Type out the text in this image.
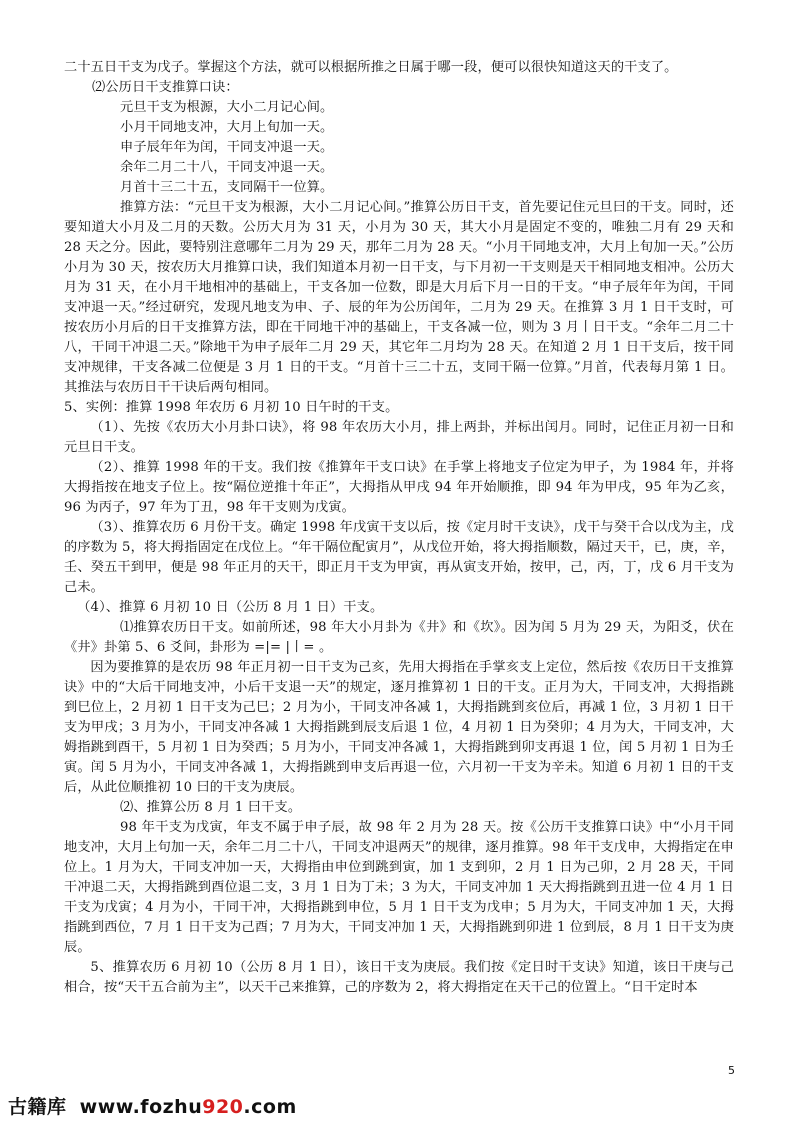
二十五日干支为戊子。掌握这个方法，就可以根据所推之日属于哪一段，便可以很快知道这天的干支了。

⑵公历日干支推算口诀：

元旦干支为根源，大小二月记心间。

小月干同地支冲，大月上旬加一天。

申子辰年年为闰，干同支冲退一天。

余年二月二十八，干同支冲退一天。

月首十三二十五，支同隔干一位算。

推算方法：“元旦干支为根源，大小二月记心间。”推算公历日干支，首先要记住元旦曰的干支。同时，还要知道大小月及二月的天数。公历大月为 31 天，小月为 30 天，其大小月是固定不变的，唯独二月有 29 天和 28 天之分。因此，要特别注意哪年二月为 29 天，那年二月为 28 天。“小月干同地支冲，大月上旬加一天。”公历小月为 30 天，按农历大月推算口诀，我们知道本月初一日干支，与下月初一干支则是天干相同地支相冲。公历大月为 31 天，在小月干地相冲的基础上，干支各加一位数，即是大月后下月一日的干支。“申子辰年年为闰，干同支冲退一天。”经过研究，发现凡地支为申、子、辰的年为公历闰年，二月为 29 天。在推算 3 月 1 日干支时，可按农历小月后的日干支推算方法，即在干同地干冲的基础上，干支各减一位，则为 3 月丨日干支。“余年二月二十八，干同干冲退二天。”除地干为申子辰年二月 29 天，其它年二月均为 28 天。在知道 2 月 1 日干支后，按干同支冲规律，干支各减二位便是 3 月 1 日的干支。“月首十三二十五，支同干隔一位算。”月首，代表每月第 1 日。其推法与农历日干干诀后两句相同。

5、实例：推算 1998 年农历 6 月初 10 日午时的干支。

（1）、先按《农历大小月卦口诀》，将 98 年农历大小月，排上两卦，并标出闰月。同时，记住正月初一日和元旦日干支。

（2）、推算 1998 年的干支。我们按《推算年干支口诀》在手掌上将地支子位定为甲子，为 1984 年，并将大拇指按在地支子位上。按“隔位逆推十年正”，大拇指从甲戌 94 年开始顺推，即 94 年为甲戌，95 年为乙亥，96 为丙子，97 年为丁丑，98 年干支则为戊寅。

（3）、推算农历 6 月份干支。确定 1998 年戊寅干支以后，按《定月时干支诀》，戊干与癸干合以戊为主，戊的序数为 5，将大拇指固定在戊位上。“年干隔位配寅月”，从戊位开始，将大拇指顺数，隔过天干，已，庚，辛，壬、癸五干到甲，便是 98 年正月的天干，即正月干支为甲寅，再从寅支开始，按甲，己，丙，丁，戊 6 月干支为己未。

（4）、推算 6 月初 10 日（公历 8 月 1 日）干支。

⑴推算农历日干支。如前所述，98 年大小月卦为《井》和《坎》。因为闰 5 月为 29 天，为阳爻，伏在《井》卦第 5、6 爻间，卦形为 =|= |丨= 。

因为要推算的是农历 98 年正月初一日干支为己亥，先用大拇指在手掌亥支上定位，然后按《农历日干支推算诀》中的“大后干同地支冲，小后干支退一天”的规定，逐月推算初 1 日的干支。正月为大，干同支冲，大拇指跳到巳位上，2 月初 1 日干支为己巳；2 月为小，干同支冲各减 1，大拇指跳到亥位后，再减 1 位，3 月初 1 日干支为甲戌；3 月为小，干同支冲各减 1 大拇指跳到辰支后退 1 位，4 月初 1 日为癸卯；4 月为大，干同支冲，大姆指跳到酉干，5 月初 1 日为癸西；5 月为小，干同支冲各减 1，大拇指跳到卯支再退 1 位，闰 5 月初 1 日为壬寅。闰 5 月为小，干同支冲各减 1，大拇指跳到申支后再退一位，六月初一干支为辛未。知道 6 月初 1 日的干支后，从此位顺推初 10 曰的干支为庚辰。

⑵、推算公历 8 月 1 曰干支。

98 年干支为戊寅，年支不属于申子辰，故 98 年 2 月为 28 天。按《公历干支推算口诀》中“小月干同地支冲，大月上句加一天，余年二月二十八，干同支冲退两天”的规律，逐月推算。98 年干支戊申，大拇指定在申位上。1 月为大，干同支冲加一天，大拇指由申位到跳到寅，加 1 支到卯，2 月 1 日为己卯，2 月 28 天，干同干冲退二天，大拇指跳到酉位退二支，3 月 1 日为丁未；3 为大，干同支冲加 1 天大拇指跳到丑进一位 4 月 1 日干支为戊寅；4 月为小，干同干冲，大拇指跳到申位，5 月 1 日干支为戊申；5 月为大，干同支冲加 1 天，大拇指跳到西位，7 月 1 日干支为己酉；7 月为大，干同支冲加 1 天，大拇指跳到卯进 1 位到辰，8 月 1 日干支为庚辰。

5、推算农历 6 月初 10（公历 8 月 1 日），该日干支为庚辰。我们按《定日时干支诀》知道，该日干庚与己相合，按“天干五合前为主”，以天干己来推算，己的序数为 2，将大拇指定在天干己的位置上。“日干定时本

5
古籍库 www.fozhu920.com
